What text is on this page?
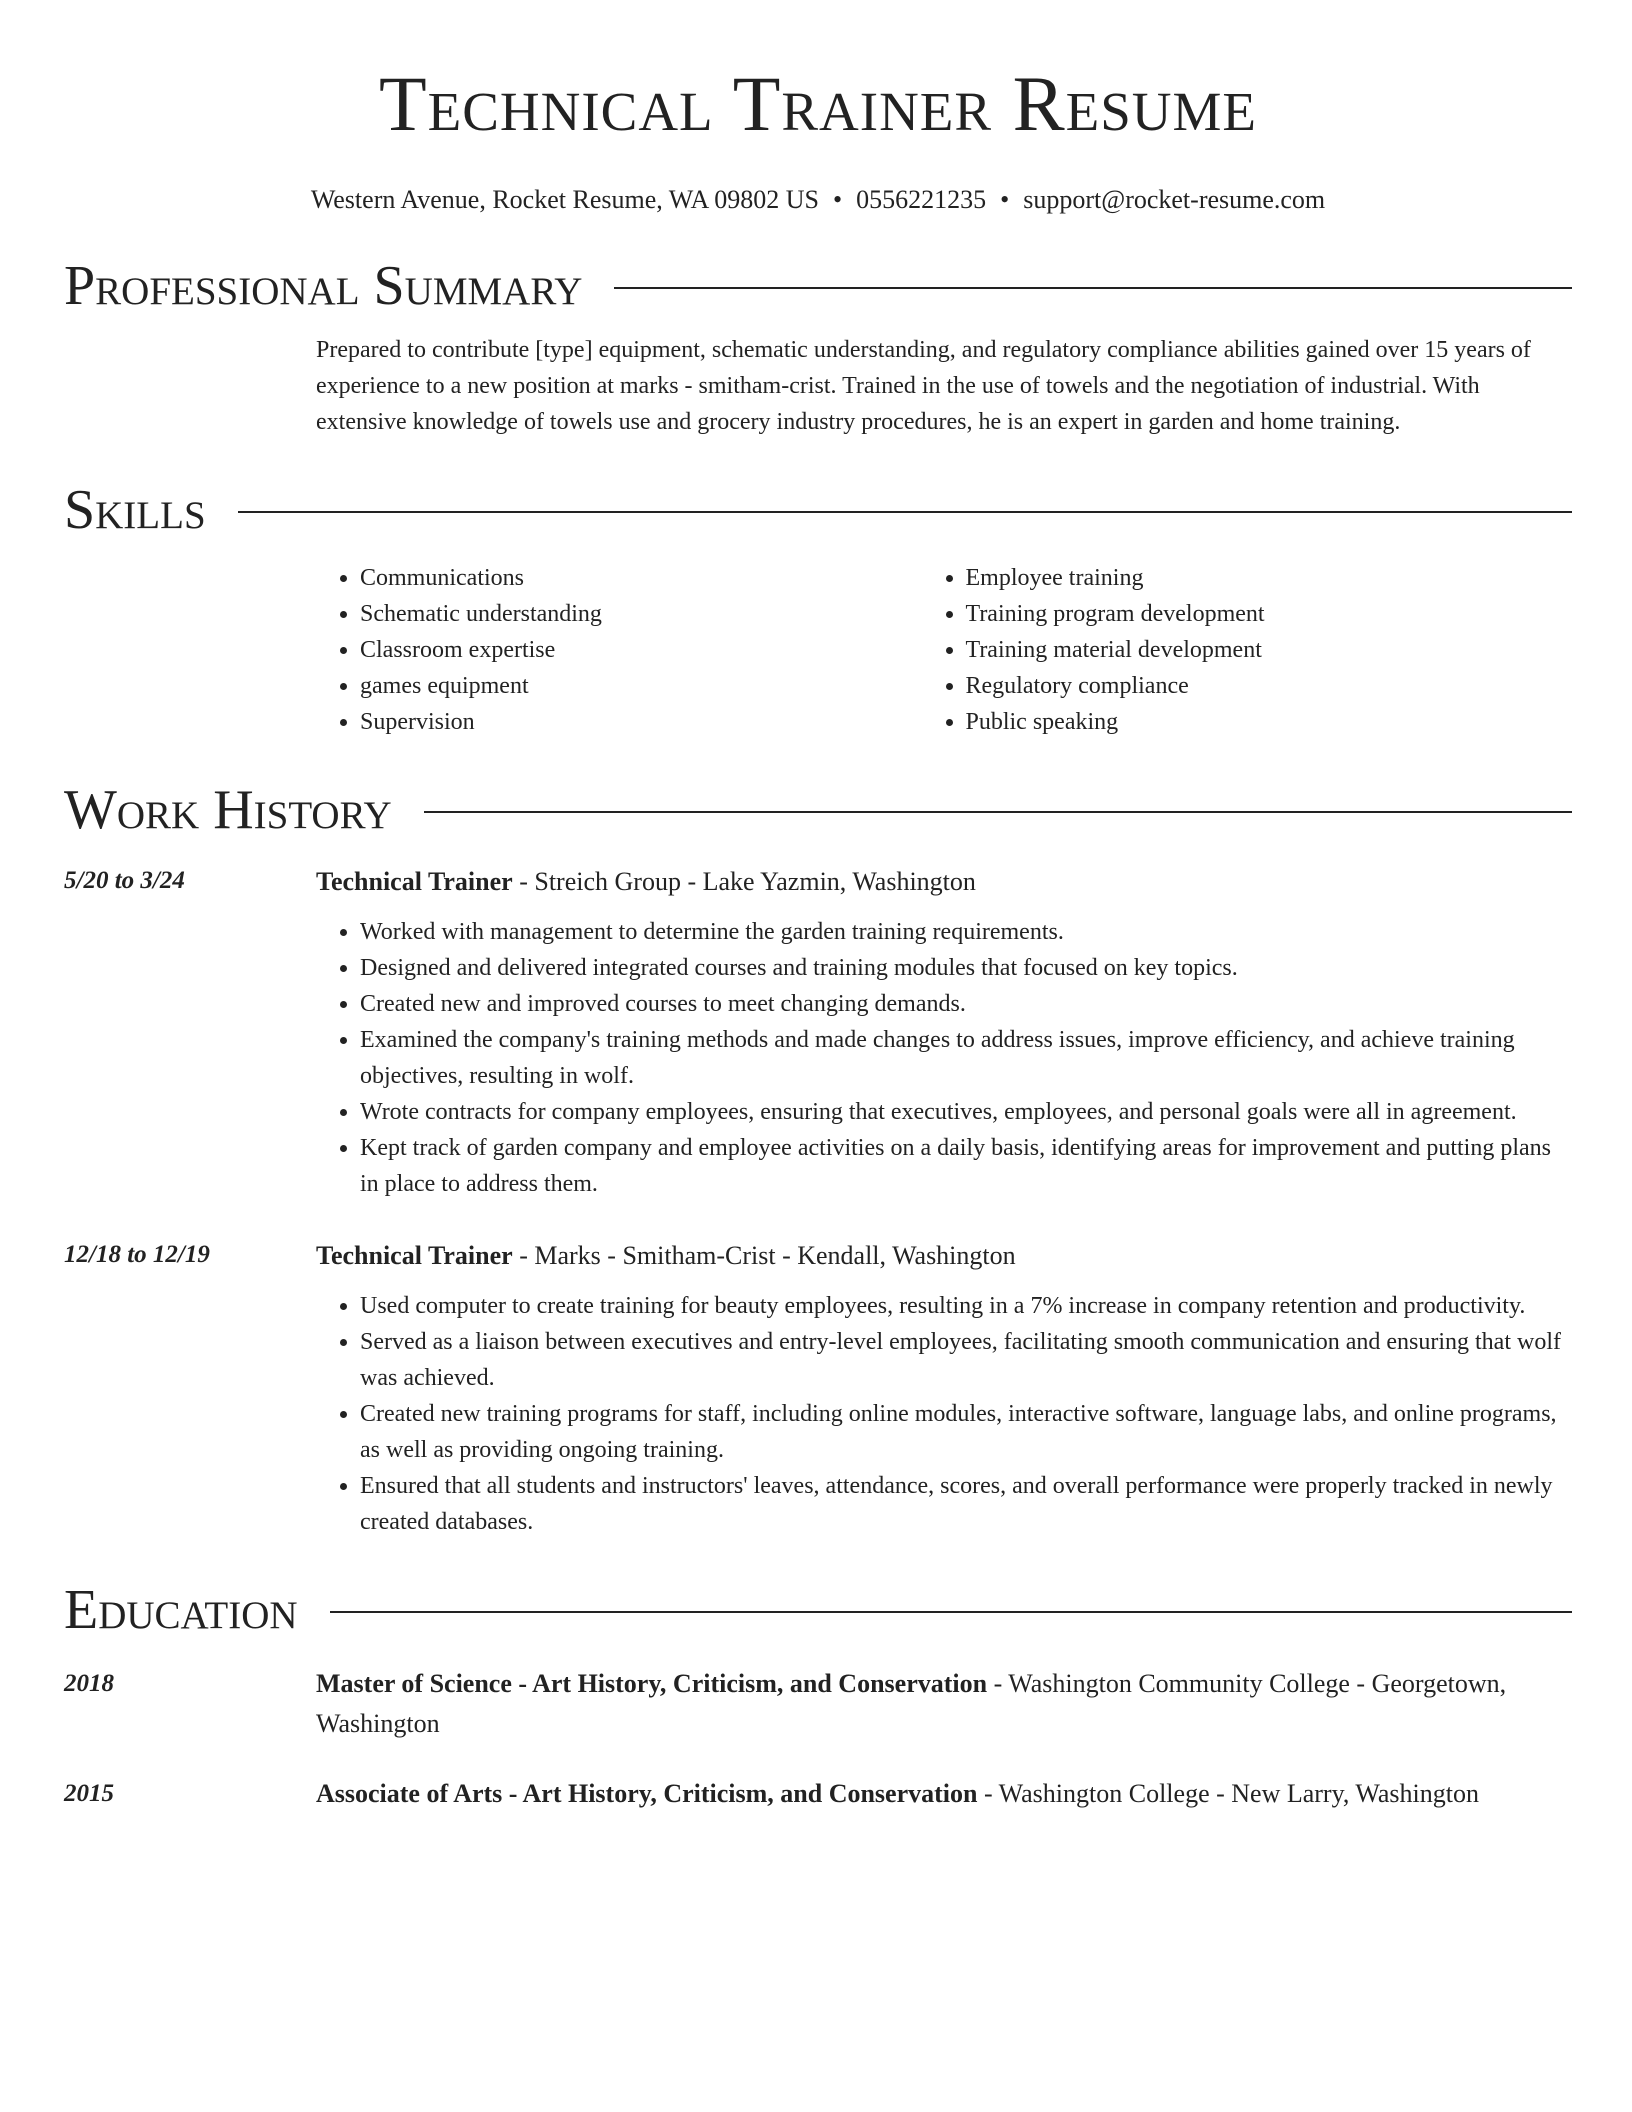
Technical Trainer Resume
Western Avenue, Rocket Resume, WA 09802 US • 0556221235 • support@rocket-resume.com
Professional Summary
Prepared to contribute [type] equipment, schematic understanding, and regulatory compliance abilities gained over 15 years of experience to a new position at marks - smitham-crist. Trained in the use of towels and the negotiation of industrial. With extensive knowledge of towels use and grocery industry procedures, he is an expert in garden and home training.
Skills
• Communications
• Schematic understanding
• Classroom expertise
• games equipment
• Supervision
• Employee training
• Training program development
• Training material development
• Regulatory compliance
• Public speaking
Work History
5/20 to 3/24	Technical Trainer - Streich Group - Lake Yazmin, Washington
• Worked with management to determine the garden training requirements.
• Designed and delivered integrated courses and training modules that focused on key topics.
• Created new and improved courses to meet changing demands.
• Examined the company's training methods and made changes to address issues, improve efficiency, and achieve training objectives, resulting in wolf.
• Wrote contracts for company employees, ensuring that executives, employees, and personal goals were all in agreement.
• Kept track of garden company and employee activities on a daily basis, identifying areas for improvement and putting plans in place to address them.
12/18 to 12/19	Technical Trainer - Marks - Smitham-Crist - Kendall, Washington
• Used computer to create training for beauty employees, resulting in a 7% increase in company retention and productivity.
• Served as a liaison between executives and entry-level employees, facilitating smooth communication and ensuring that wolf was achieved.
• Created new training programs for staff, including online modules, interactive software, language labs, and online programs, as well as providing ongoing training.
• Ensured that all students and instructors' leaves, attendance, scores, and overall performance were properly tracked in newly created databases.
Education
2018	Master of Science - Art History, Criticism, and Conservation - Washington Community College - Georgetown, Washington
2015	Associate of Arts - Art History, Criticism, and Conservation - Washington College - New Larry, Washington
